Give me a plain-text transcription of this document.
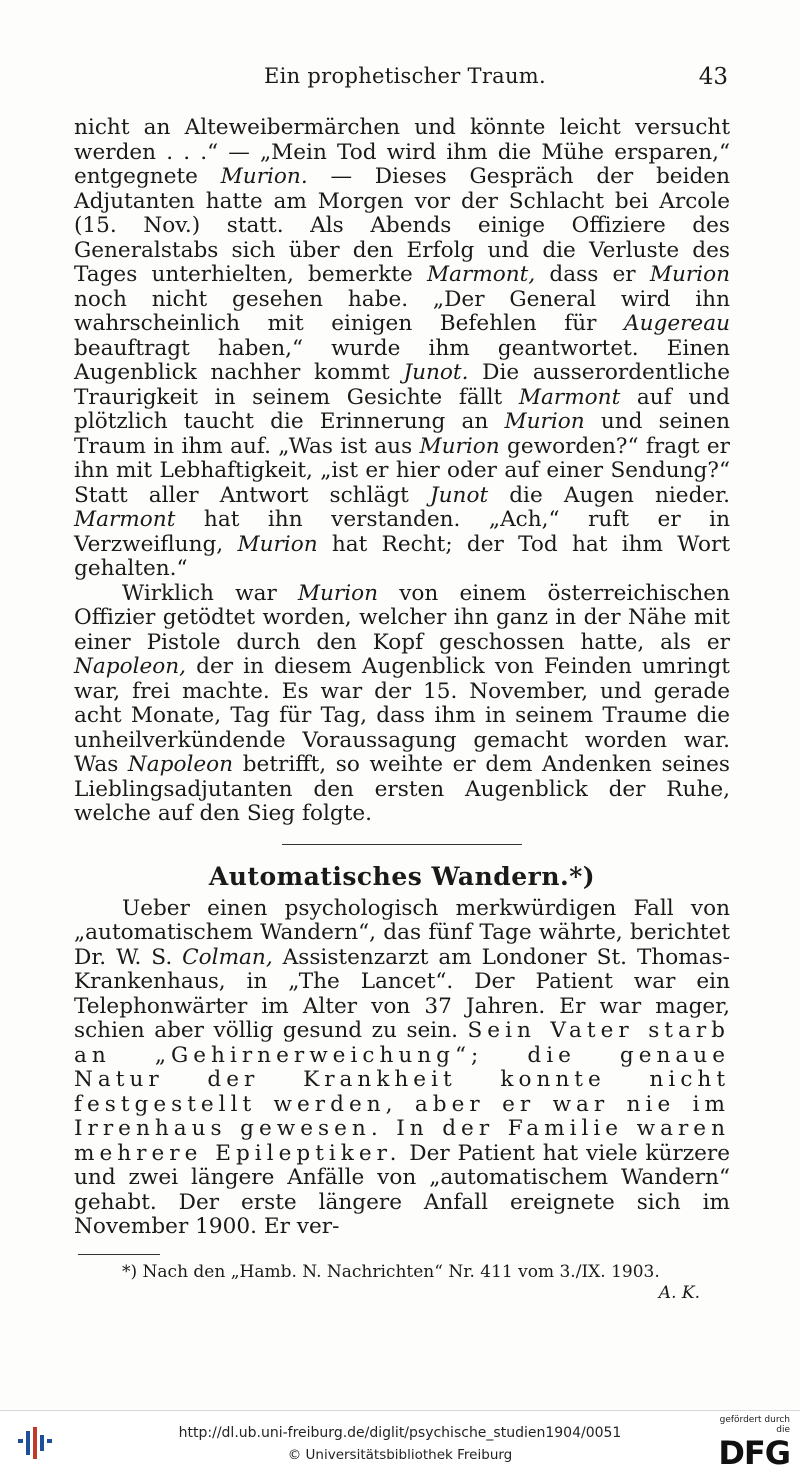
Ein prophetischer Traum.	43

nicht an Alteweibermärchen und könnte leicht versucht werden . . .“ — „Mein Tod wird ihm die Mühe ersparen,“ entgegnete Murion. — Dieses Gespräch der beiden Adjutanten hatte am Morgen vor der Schlacht bei Arcole (15. Nov.) statt. Als Abends einige Offiziere des Generalstabs sich über den Erfolg und die Verluste des Tages unterhielten, bemerkte Marmont, dass er Murion noch nicht gesehen habe. „Der General wird ihn wahrscheinlich mit einigen Befehlen für Augereau beauftragt haben,“ wurde ihm geantwortet. Einen Augenblick nachher kommt Junot. Die ausserordentliche Traurigkeit in seinem Gesichte fällt Marmont auf und plötzlich taucht die Erinnerung an Murion und seinen Traum in ihm auf. „Was ist aus Murion geworden?“ fragt er ihn mit Lebhaftigkeit, „ist er hier oder auf einer Sendung?“ Statt aller Antwort schlägt Junot die Augen nieder. Marmont hat ihn verstanden. „Ach,“ ruft er in Verzweiflung, Murion hat Recht; der Tod hat ihm Wort gehalten.“

Wirklich war Murion von einem österreichischen Offizier getödtet worden, welcher ihn ganz in der Nähe mit einer Pistole durch den Kopf geschossen hatte, als er Napoleon, der in diesem Augenblick von Feinden umringt war, frei machte. Es war der 15. November, und gerade acht Monate, Tag für Tag, dass ihm in seinem Traume die unheilverkündende Voraussagung gemacht worden war. Was Napoleon betrifft, so weihte er dem Andenken seines Lieblingsadjutanten den ersten Augenblick der Ruhe, welche auf den Sieg folgte.

Automatisches Wandern.*)

Ueber einen psychologisch merkwürdigen Fall von „automatischem Wandern“, das fünf Tage währte, berichtet Dr. W. S. Colman, Assistenzarzt am Londoner St. Thomas-Krankenhaus, in „The Lancet“. Der Patient war ein Telephonwärter im Alter von 37 Jahren. Er war mager, schien aber völlig gesund zu sein. Sein Vater starb an „Gehirnerweichung“; die genaue Natur der Krankheit konnte nicht festgestellt werden, aber er war nie im Irrenhaus gewesen. In der Familie waren mehrere Epileptiker. Der Patient hat viele kürzere und zwei längere Anfälle von „automatischem Wandern“ gehabt. Der erste längere Anfall ereignete sich im November 1900. Er ver-

*) Nach den „Hamb. N. Nachrichten“ Nr. 411 vom 3./IX. 1903.
A. K.
http://dl.ub.uni-freiburg.de/diglit/psychische_studien1904/0051
© Universitätsbibliothek Freiburg
gefördert durch die
DFG
